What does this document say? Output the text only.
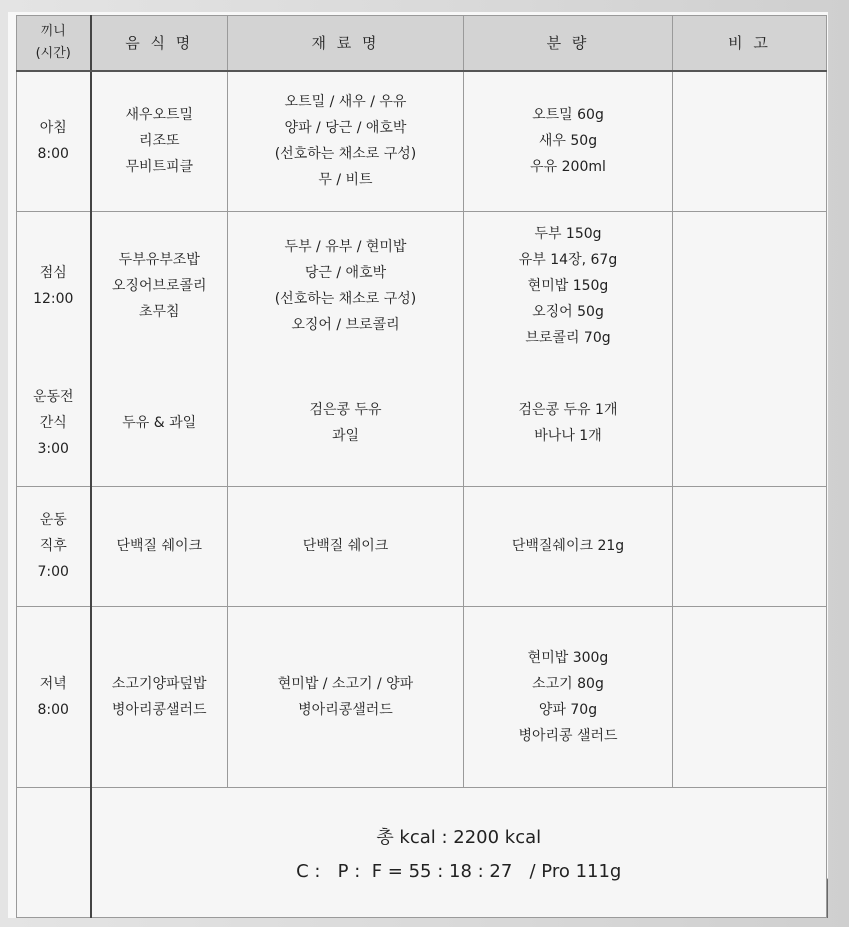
끼니
(시간)	음 식 명	재 료 명	분 량	비 고

아침
8:00	새우오트밀
리조또
무비트피클	오트밀 / 새우 / 우유
양파 / 당근 / 애호박
(선호하는 채소로 구성)
무 / 비트	오트밀 60g
새우 50g
우유 200ml	

점심
12:00	두부유부조밥
오징어브로콜리
초무침	두부 / 유부 / 현미밥
당근 / 애호박
(선호하는 채소로 구성)
오징어 / 브로콜리	두부 150g
유부 14장, 67g
현미밥 150g
오징어 50g
브로콜리 70g	

운동전
간식
3:00	두유 & 과일	검은콩 두유
과일	검은콩 두유 1개
바나나 1개	

운동
직후
7:00	단백질 쉐이크	단백질 쉐이크	단백질쉐이크 21g	

저녁
8:00	소고기양파덮밥
병아리콩샐러드	현미밥 / 소고기 / 양파
병아리콩샐러드	현미밥 300g
소고기 80g
양파 70g
병아리콩 샐러드	

	총 kcal : 2200 kcal
C :   P :  F = 55 : 18 : 27   / Pro 111g			
